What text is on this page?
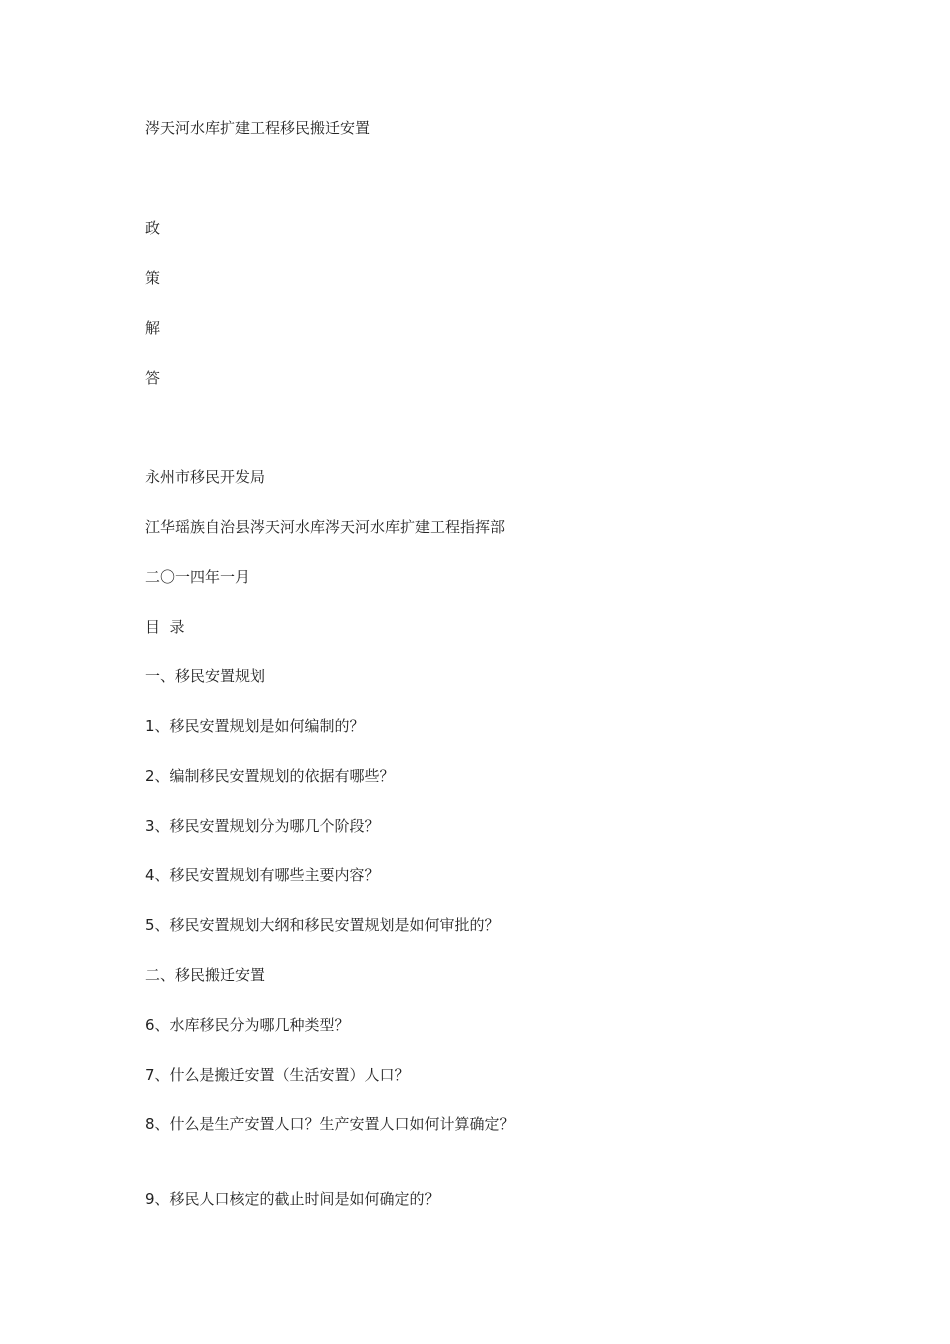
涔天河水库扩建工程移民搬迁安置
政
策
解
答
永州市移民开发局
江华瑶族自治县涔天河水库涔天河水库扩建工程指挥部
二〇一四年一月
目  录
一、移民安置规划
1、移民安置规划是如何编制的？
2、编制移民安置规划的依据有哪些？
3、移民安置规划分为哪几个阶段？
4、移民安置规划有哪些主要内容？
5、移民安置规划大纲和移民安置规划是如何审批的？
二、移民搬迁安置
6、水库移民分为哪几种类型？
7、什么是搬迁安置（生活安置）人口？
8、什么是生产安置人口？生产安置人口如何计算确定？
9、移民人口核定的截止时间是如何确定的？
